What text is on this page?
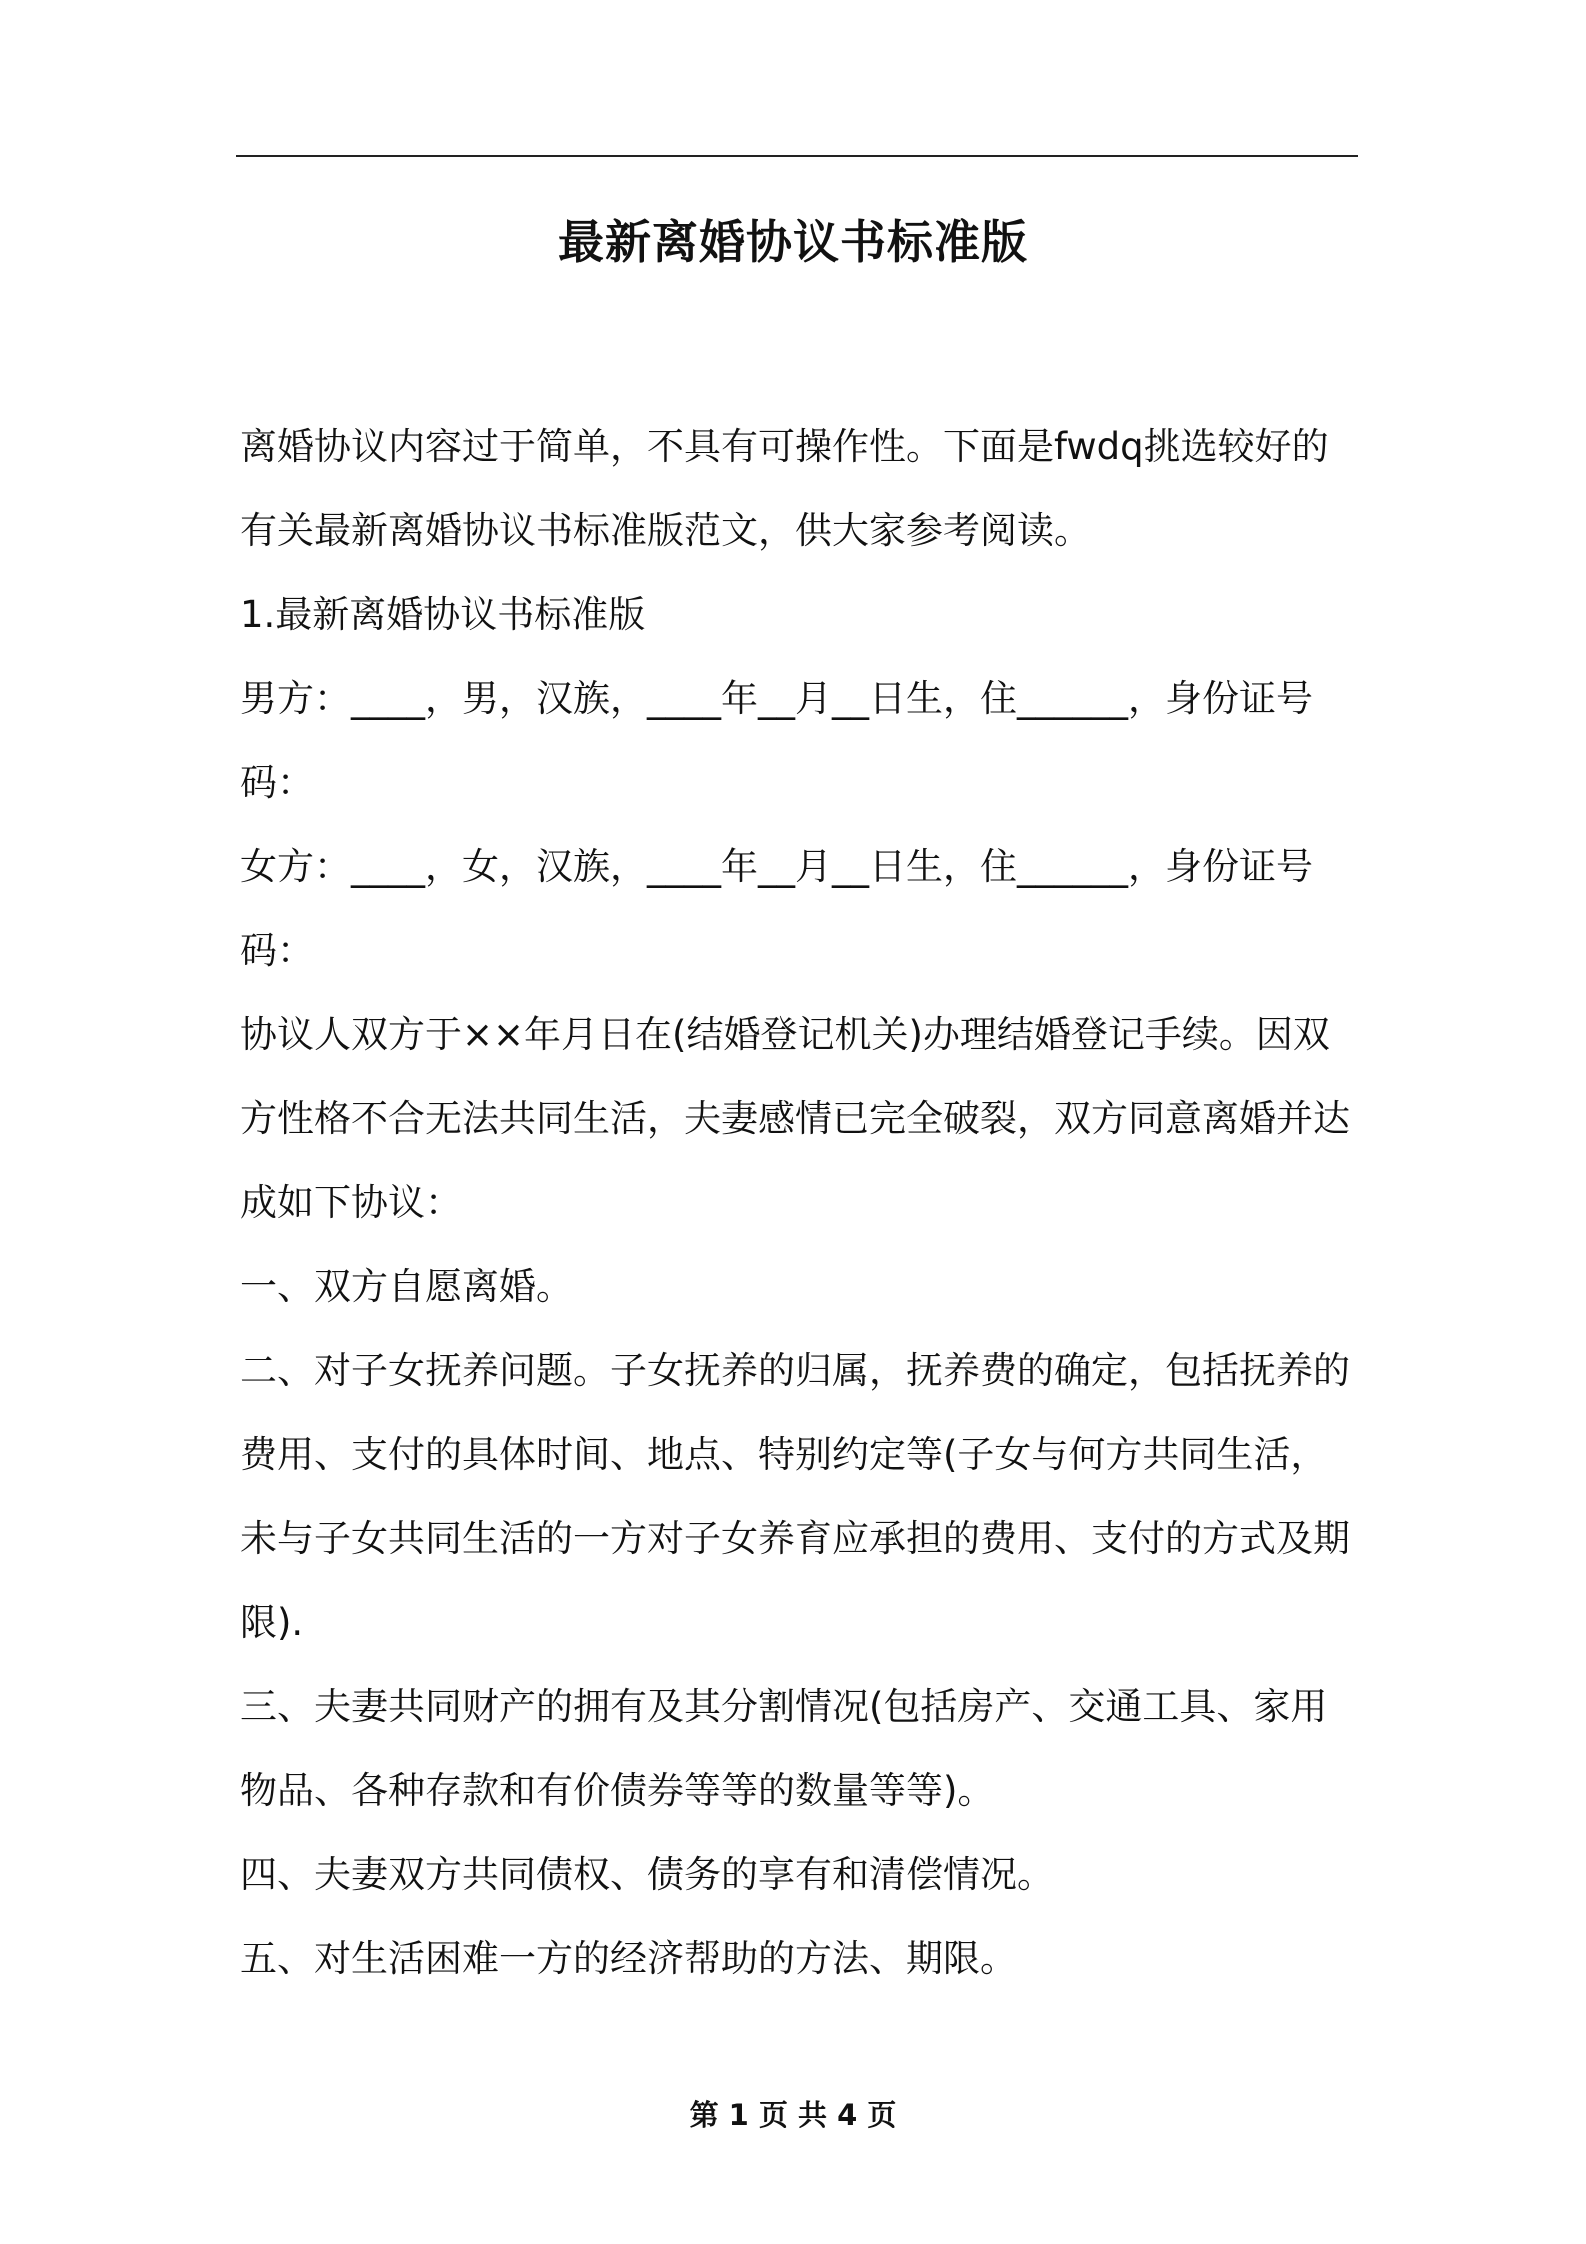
最新离婚协议书标准版

离婚协议内容过于简单，不具有可操作性。下面是fwdq挑选较好的有关最新离婚协议书标准版范文，供大家参考阅读。

1.最新离婚协议书标准版

男方：____，男，汉族，____年__月__日生，住______，身份证号码：

女方：____，女，汉族，____年__月__日生，住______，身份证号码：

协议人双方于××年月日在(结婚登记机关)办理结婚登记手续。因双方性格不合无法共同生活，夫妻感情已完全破裂，双方同意离婚并达成如下协议：

一、双方自愿离婚。

二、对子女抚养问题。子女抚养的归属，抚养费的确定，包括抚养的费用、支付的具体时间、地点、特别约定等(子女与何方共同生活，未与子女共同生活的一方对子女养育应承担的费用、支付的方式及期限).

三、夫妻共同财产的拥有及其分割情况(包括房产、交通工具、家用物品、各种存款和有价债券等等的数量等等)。

四、夫妻双方共同债权、债务的享有和清偿情况。

五、对生活困难一方的经济帮助的方法、期限。

第 1 页 共 4 页
